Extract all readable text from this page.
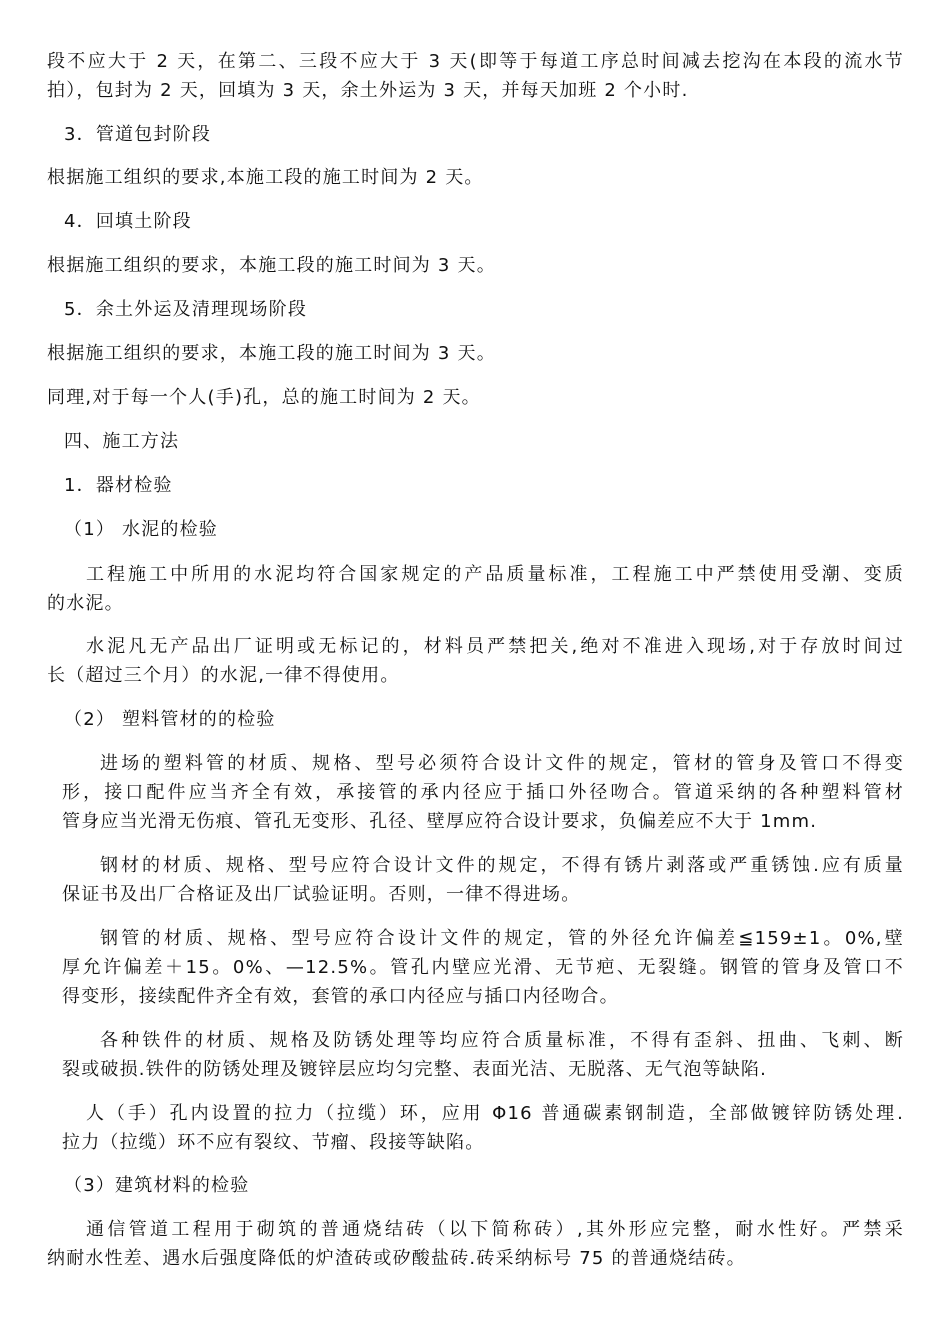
段不应大于 2 天，在第二、三段不应大于 3 天(即等于每道工序总时间减去挖沟在本段的流水节
拍），包封为 2 天，回填为 3 天，余土外运为 3 天，并每天加班 2 个小时.
3．管道包封阶段
根据施工组织的要求,本施工段的施工时间为 2 天。
4．回填土阶段
根据施工组织的要求，本施工段的施工时间为 3 天。
5．余土外运及清理现场阶段
根据施工组织的要求，本施工段的施工时间为 3 天。
同理,对于每一个人(手)孔，总的施工时间为 2 天。
四、施工方法
1．器材检验
（1） 水泥的检验
工程施工中所用的水泥均符合国家规定的产品质量标准，工程施工中严禁使用受潮、变质
的水泥。
水泥凡无产品出厂证明或无标记的，材料员严禁把关,绝对不准进入现场,对于存放时间过
长（超过三个月）的水泥,一律不得使用。
（2） 塑料管材的的检验
进场的塑料管的材质、规格、型号必须符合设计文件的规定，管材的管身及管口不得变
形，接口配件应当齐全有效，承接管的承内径应于插口外径吻合。管道采纳的各种塑料管材
管身应当光滑无伤痕、管孔无变形、孔径、壁厚应符合设计要求，负偏差应不大于 1mm.
钢材的材质、规格、型号应符合设计文件的规定，不得有锈片剥落或严重锈蚀.应有质量
保证书及出厂合格证及出厂试验证明。否则，一律不得进场。
钢管的材质、规格、型号应符合设计文件的规定，管的外径允许偏差≦159±1。0%,壁
厚允许偏差＋15。0%、—12.5%。管孔内壁应光滑、无节疤、无裂缝。钢管的管身及管口不
得变形，接续配件齐全有效，套管的承口内径应与插口内径吻合。
各种铁件的材质、规格及防锈处理等均应符合质量标准，不得有歪斜、扭曲、飞刺、断
裂或破损.铁件的防锈处理及镀锌层应均匀完整、表面光洁、无脱落、无气泡等缺陷.
人（手）孔内设置的拉力（拉缆）环，应用 Φ16 普通碳素钢制造，全部做镀锌防锈处理.
拉力（拉缆）环不应有裂纹、节瘤、段接等缺陷。
（3）建筑材料的检验
通信管道工程用于砌筑的普通烧结砖（以下简称砖）,其外形应完整，耐水性好。严禁采
纳耐水性差、遇水后强度降低的炉渣砖或矽酸盐砖.砖采纳标号 75 的普通烧结砖。
